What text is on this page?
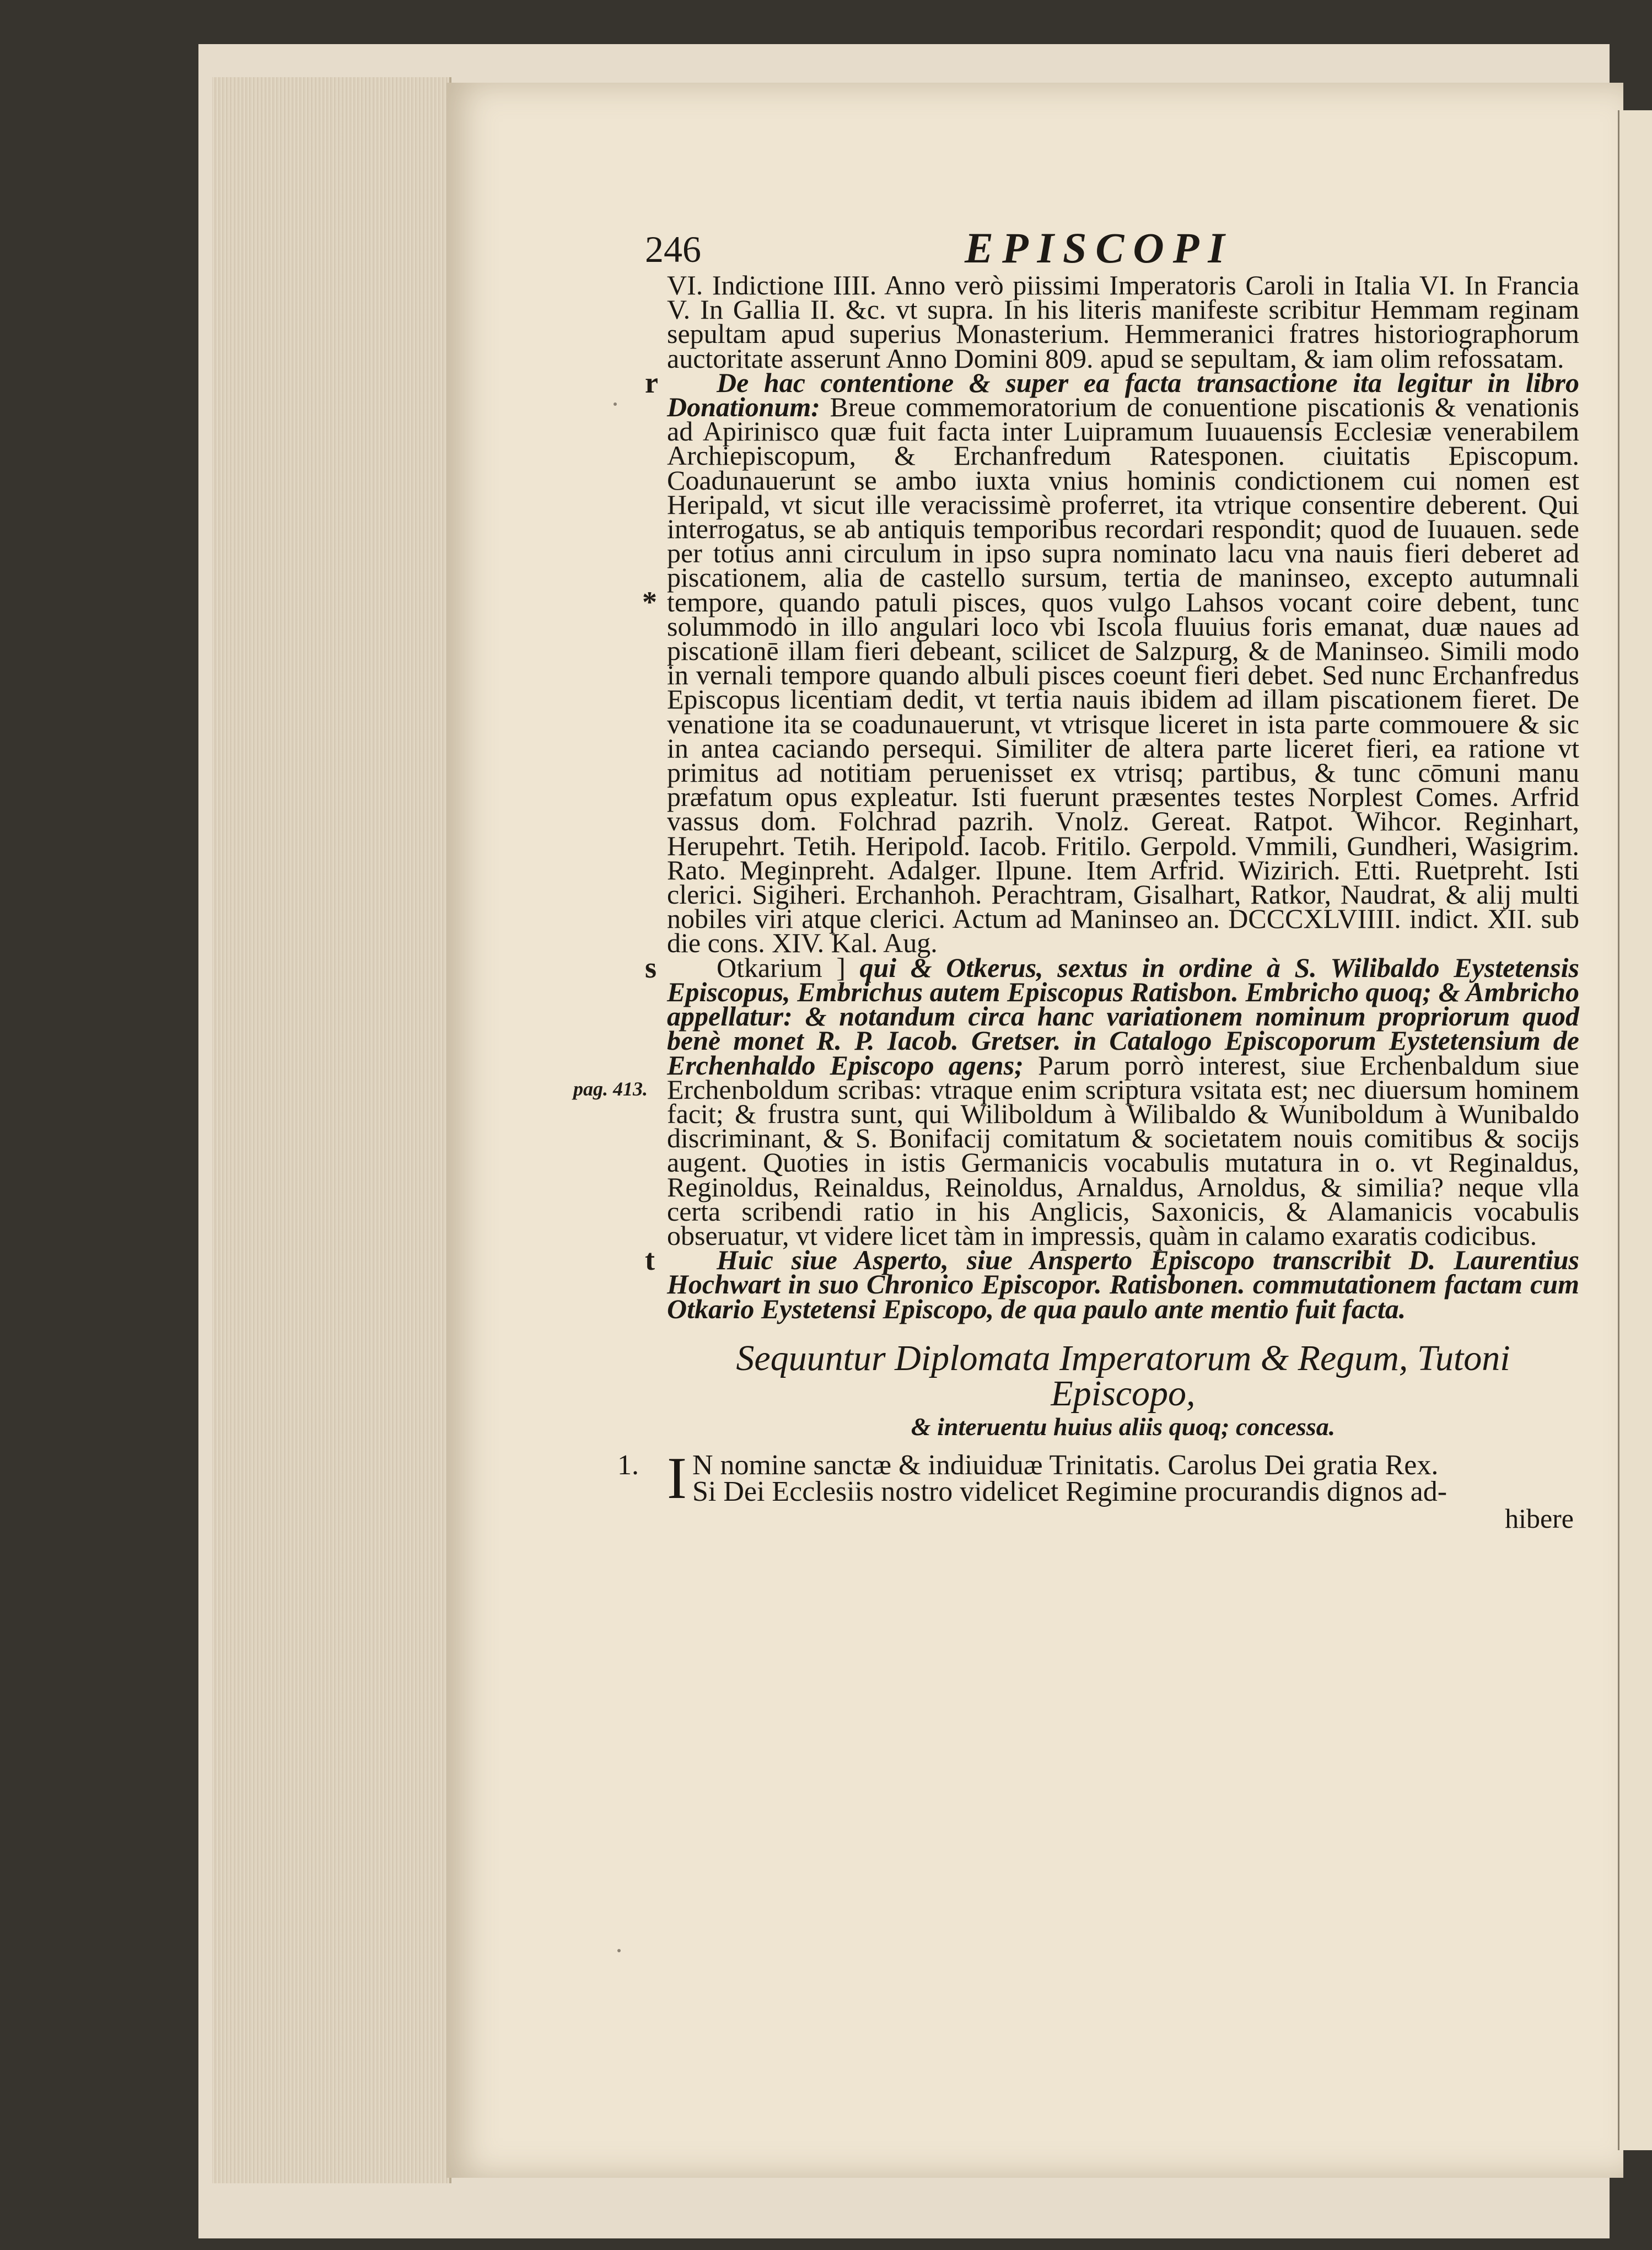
246	EPISCOPI

VI. Indictione IIII. Anno verò piissimi Imperatoris Caroli in Italia VI. In Francia V. In Gallia II. &c. vt supra. In his literis manifeste scribitur Hemmam reginam sepultam apud superius Monasterium. Hemmeranici fratres historiographorum auctoritate asserunt Anno Domini 809. apud se sepultam, & iam olim refossatam.

r
*

De hac contentione & super ea facta transactione ita legitur in libro Donationum: Breue commemoratorium de conuentione piscationis & venationis ad Apirinisco quæ fuit facta inter Luipramum Iuuauensis Ecclesiæ venerabilem Archiepiscopum, & Erchanfredum Ratesponen. ciuitatis Episcopum. Coadunauerunt se ambo iuxta vnius hominis condictionem cui nomen est Heripald, vt sicut ille veracissimè proferret, ita vtrique consentire deberent. Qui interrogatus, se ab antiquis temporibus recordari respondit; quod de Iuuauen. sede per totius anni circulum in ipso supra nominato lacu vna nauis fieri deberet ad piscationem, alia de castello sursum, tertia de maninseo, excepto autumnali tempore, quando patuli pisces, quos vulgo Lahsos vocant coire debent, tunc solummodo in illo angulari loco vbi Iscola fluuius foris emanat, duæ naues ad piscationē illam fieri debeant, scilicet de Salzpurg, & de Maninseo. Simili modo in vernali tempore quando albuli pisces coeunt fieri debet. Sed nunc Erchanfredus Episcopus licentiam dedit, vt tertia nauis ibidem ad illam piscationem fieret. De venatione ita se coadunauerunt, vt vtrisque liceret in ista parte commouere & sic in antea caciando persequi. Similiter de altera parte liceret fieri, ea ratione vt primitus ad notitiam peruenisset ex vtrisq; partibus, & tunc cōmuni manu præfatum opus expleatur. Isti fuerunt præsentes testes Norplest Comes. Arfrid vassus dom. Folchrad pazrih. Vnolz. Gereat. Ratpot. Wihcor. Reginhart, Herupehrt. Tetih. Heripold. Iacob. Fritilo. Gerpold. Vmmili, Gundheri, Wasigrim. Rato. Meginpreht. Adalger. Ilpune. Item Arfrid. Wizirich. Etti. Ruetpreht. Isti clerici. Sigiheri. Erchanhoh. Perachtram, Gisalhart, Ratkor, Naudrat, & alij multi nobiles viri atque clerici. Actum ad Maninseo an. DCCCXLVIIII. indict. XII. sub die cons. XIV. Kal. Aug.

s
pag. 413.

Otkarium ] qui & Otkerus, sextus in ordine à S. Wilibaldo Eystetensis Episcopus, Embrichus autem Episcopus Ratisbon. Embricho quoq; & Ambricho appellatur: & notandum circa hanc variationem nominum propriorum quod benè monet R. P. Iacob. Gretser. in Catalogo Episcoporum Eystetensium de Erchenhaldo Episcopo agens; Parum porrò interest, siue Erchenbaldum siue Erchenboldum scribas: vtraque enim scriptura vsitata est; nec diuersum hominem facit; & frustra sunt, qui Wiliboldum à Wilibaldo & Wuniboldum à Wunibaldo discriminant, & S. Bonifacij comitatum & societatem nouis comitibus & socijs augent. Quoties in istis Germanicis vocabulis mutatura in o. vt Reginaldus, Reginoldus, Reinaldus, Reinoldus, Arnaldus, Arnoldus, & similia? neque vlla certa scribendi ratio in his Anglicis, Saxonicis, & Alamanicis vocabulis obseruatur, vt videre licet tàm in impressis, quàm in calamo exaratis codicibus.

t	Huic siue Asperto, siue Ansperto Episcopo transcribit D. Laurentius Hochwart in suo Chronico Episcopor. Ratisbonen. commutationem factam cum Otkario Eystetensi Episcopo, de qua paulo ante mentio fuit facta.

Sequuntur Diplomata Imperatorum & Regum, Tutoni Episcopo,

& interuentu huius aliis quoq; concessa.

1. I N nomine sanctæ & indiuiduæ Trinitatis. Carolus Dei gratia Rex.
Si Dei Ecclesiis nostro videlicet Regimine procurandis dignos ad-

hibere
